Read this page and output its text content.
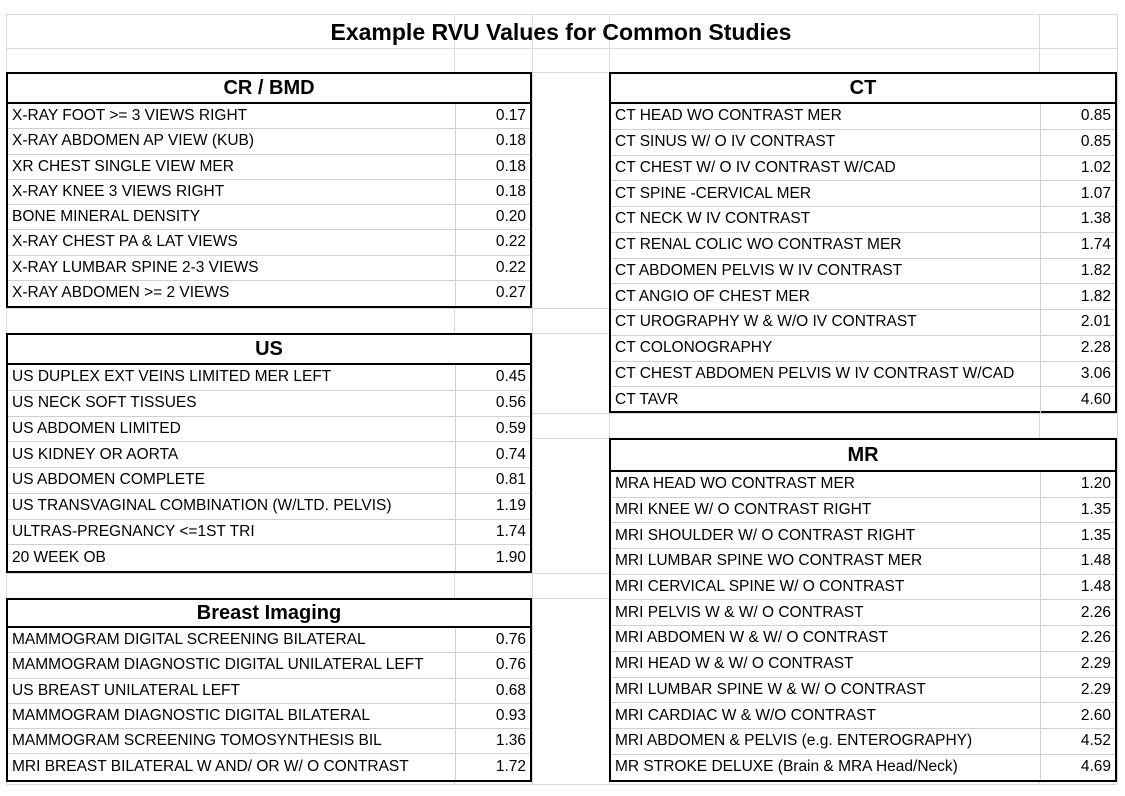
Example RVU Values for Common Studies
CR / BMD
X-RAY FOOT >= 3 VIEWS RIGHT	0.17
X-RAY ABDOMEN AP VIEW (KUB)	0.18
XR CHEST SINGLE VIEW MER	0.18
X-RAY KNEE 3 VIEWS RIGHT	0.18
BONE MINERAL DENSITY	0.20
X-RAY CHEST PA & LAT VIEWS	0.22
X-RAY LUMBAR SPINE 2-3 VIEWS	0.22
X-RAY ABDOMEN >= 2 VIEWS	0.27
US
US DUPLEX EXT VEINS LIMITED MER LEFT	0.45
US NECK SOFT TISSUES	0.56
US ABDOMEN LIMITED	0.59
US KIDNEY OR AORTA	0.74
US ABDOMEN COMPLETE	0.81
US TRANSVAGINAL COMBINATION (W/LTD. PELVIS)	1.19
ULTRAS-PREGNANCY <=1ST TRI	1.74
20 WEEK OB	1.90
Breast Imaging
MAMMOGRAM DIGITAL SCREENING BILATERAL	0.76
MAMMOGRAM DIAGNOSTIC DIGITAL UNILATERAL LEFT	0.76
US BREAST UNILATERAL LEFT	0.68
MAMMOGRAM DIAGNOSTIC DIGITAL BILATERAL	0.93
MAMMOGRAM SCREENING TOMOSYNTHESIS BIL	1.36
MRI BREAST BILATERAL W AND/ OR W/ O CONTRAST	1.72
CT
CT HEAD WO CONTRAST MER	0.85
CT SINUS W/ O IV CONTRAST	0.85
CT CHEST W/ O IV CONTRAST W/CAD	1.02
CT SPINE -CERVICAL MER	1.07
CT NECK W IV CONTRAST	1.38
CT RENAL COLIC WO CONTRAST MER	1.74
CT ABDOMEN PELVIS W IV CONTRAST	1.82
CT ANGIO OF CHEST MER	1.82
CT UROGRAPHY W & W/O IV CONTRAST	2.01
CT COLONOGRAPHY	2.28
CT CHEST ABDOMEN PELVIS W IV CONTRAST W/CAD	3.06
CT TAVR	4.60
MR
MRA HEAD WO CONTRAST MER	1.20
MRI KNEE W/ O CONTRAST RIGHT	1.35
MRI SHOULDER W/ O CONTRAST RIGHT	1.35
MRI LUMBAR SPINE WO CONTRAST MER	1.48
MRI CERVICAL SPINE W/ O CONTRAST	1.48
MRI PELVIS W & W/ O CONTRAST	2.26
MRI ABDOMEN W & W/ O CONTRAST	2.26
MRI HEAD W & W/ O CONTRAST	2.29
MRI LUMBAR SPINE W & W/ O CONTRAST	2.29
MRI CARDIAC W & W/O CONTRAST	2.60
MRI ABDOMEN & PELVIS (e.g. ENTEROGRAPHY)	4.52
MR STROKE DELUXE (Brain & MRA Head/Neck)	4.69
